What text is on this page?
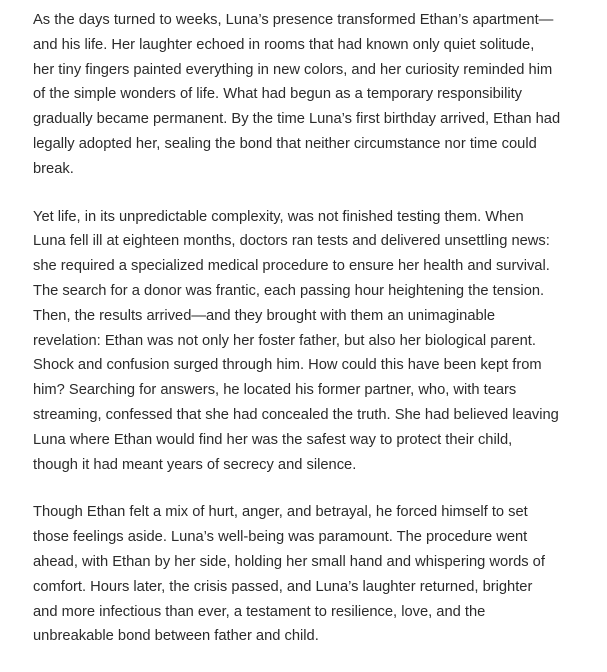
As the days turned to weeks, Luna’s presence transformed Ethan’s apartment—
and his life. Her laughter echoed in rooms that had known only quiet solitude,
her tiny fingers painted everything in new colors, and her curiosity reminded him
of the simple wonders of life. What had begun as a temporary responsibility
gradually became permanent. By the time Luna’s first birthday arrived, Ethan had
legally adopted her, sealing the bond that neither circumstance nor time could
break.

Yet life, in its unpredictable complexity, was not finished testing them. When
Luna fell ill at eighteen months, doctors ran tests and delivered unsettling news:
she required a specialized medical procedure to ensure her health and survival.
The search for a donor was frantic, each passing hour heightening the tension.
Then, the results arrived—and they brought with them an unimaginable
revelation: Ethan was not only her foster father, but also her biological parent.
Shock and confusion surged through him. How could this have been kept from
him? Searching for answers, he located his former partner, who, with tears
streaming, confessed that she had concealed the truth. She had believed leaving
Luna where Ethan would find her was the safest way to protect their child,
though it had meant years of secrecy and silence.

Though Ethan felt a mix of hurt, anger, and betrayal, he forced himself to set
those feelings aside. Luna’s well-being was paramount. The procedure went
ahead, with Ethan by her side, holding her small hand and whispering words of
comfort. Hours later, the crisis passed, and Luna’s laughter returned, brighter
and more infectious than ever, a testament to resilience, love, and the
unbreakable bond between father and child.
